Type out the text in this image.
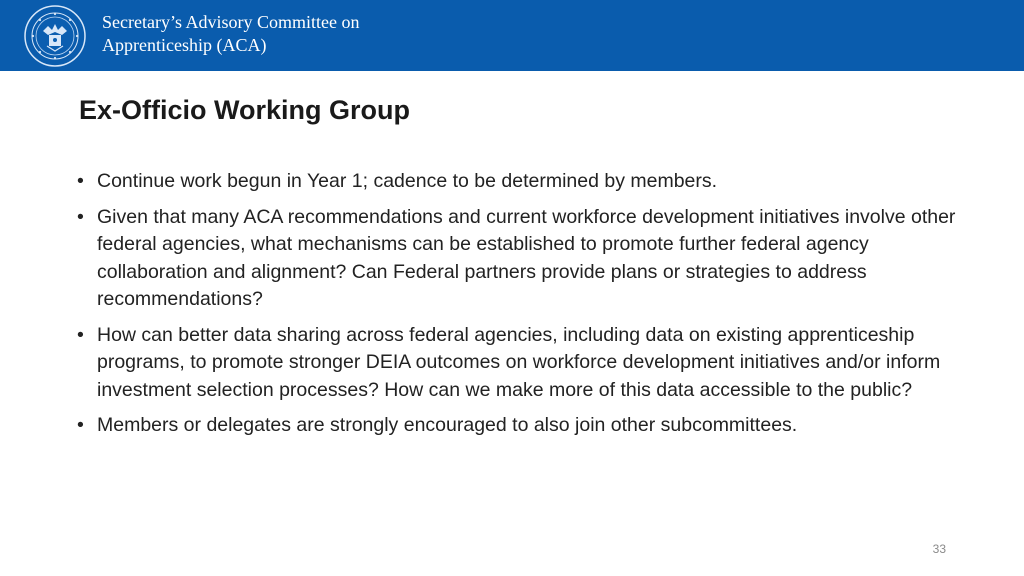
Secretary’s Advisory Committee on
Apprenticeship (ACA)
Ex-Officio Working Group
• Continue work begun in Year 1; cadence to be determined by members.
• Given that many ACA recommendations and current workforce development initiatives involve other federal agencies, what mechanisms can be established to promote further federal agency collaboration and alignment? Can Federal partners provide plans or strategies to address recommendations?
• How can better data sharing across federal agencies, including data on existing apprenticeship programs, to promote stronger DEIA outcomes on workforce development initiatives and/or inform investment selection processes? How can we make more of this data accessible to the public?
• Members or delegates are strongly encouraged to also join other subcommittees.
33
